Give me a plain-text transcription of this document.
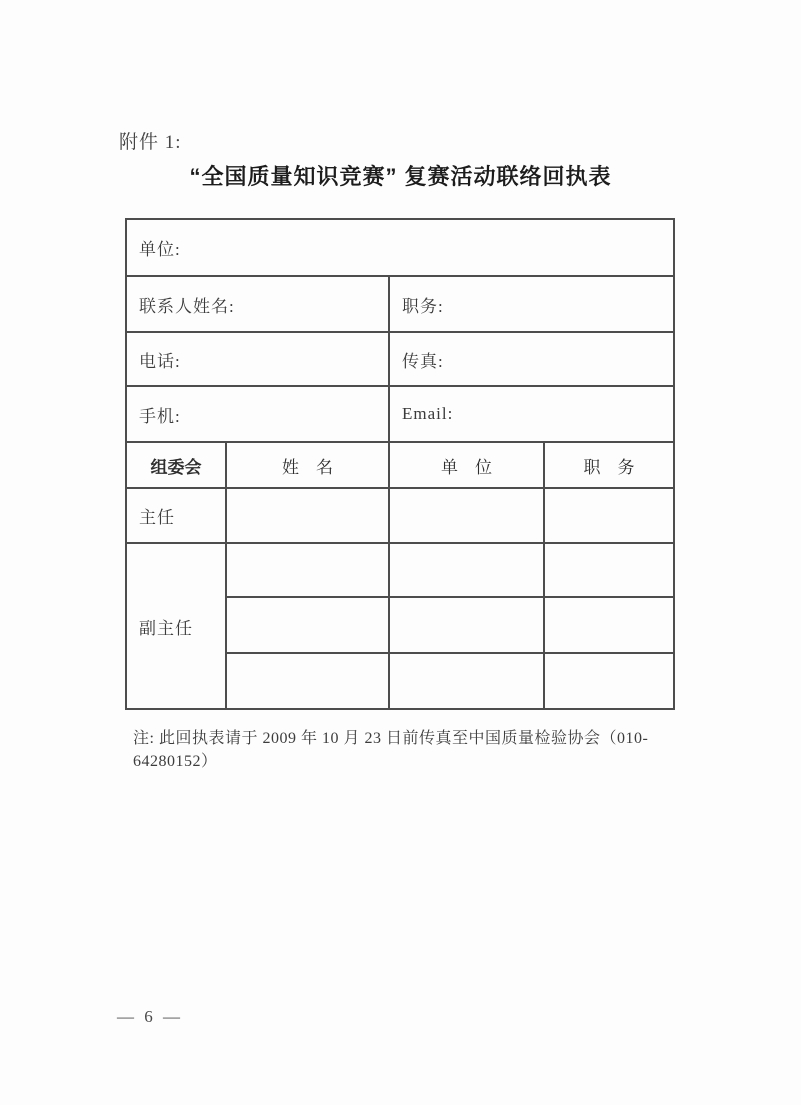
附件 1:
“全国质量知识竞赛” 复赛活动联络回执表
单位:			
联系人姓名:		职务:	
电话:		传真:	
手机:		Email:	
组委会	姓　名	单　位	职　务
主任			
副主任			

注: 此回执表请于 2009 年 10 月 23 日前传真至中国质量检验协会（010-64280152）
— 6 —
